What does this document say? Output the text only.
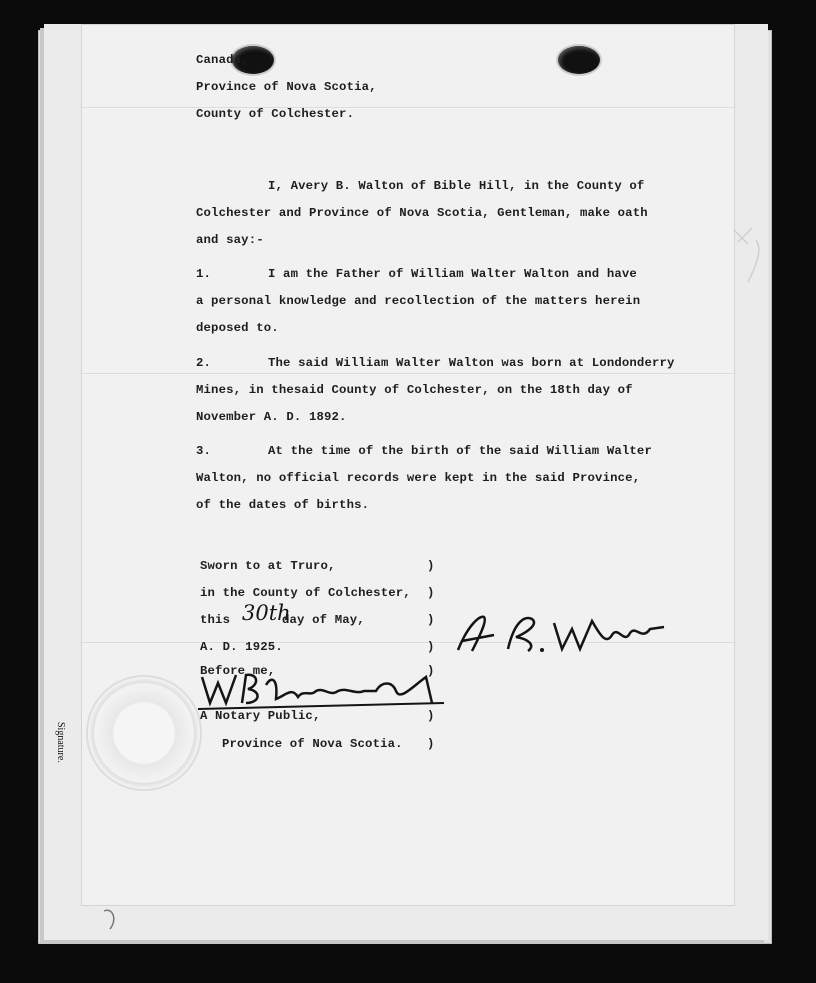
Signature.
Canada,
Province of Nova Scotia,
County of Colchester.
I, Avery B. Walton of Bible Hill, in the County of
Colchester and Province of Nova Scotia, Gentleman, make oath
and say:-
1.	I am the Father of William Walter Walton and have
a personal knowledge and recollection of the matters herein
deposed to.
2.	The said William Walter Walton was born at Londonderry
Mines, in thesaid County of Colchester, on the 18th day of
November A. D. 1892.
3.	At the time of the birth of the said William Walter
Walton, no official records were kept in the said Province,
of the dates of births.
Sworn to at Truro,
in the County of Colchester,
this 30th
day of May,
A. D. 1925.
Before me,
A Notary Public,
Province of Nova Scotia.
)
)
)
)
)
)
)
